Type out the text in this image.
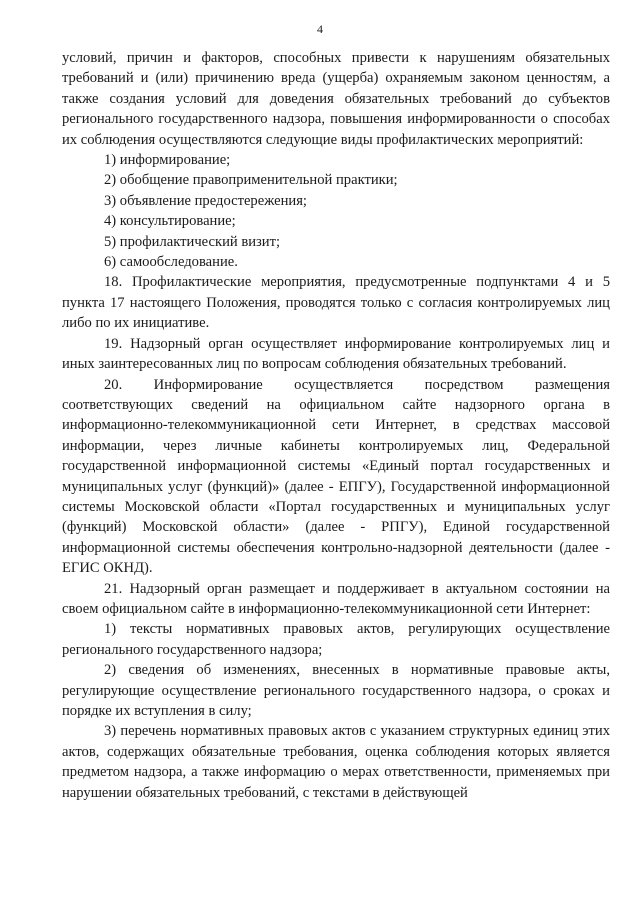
4

условий, причин и факторов, способных привести к нарушениям обязательных требований и (или) причинению вреда (ущерба) охраняемым законом ценностям, а также создания условий для доведения обязательных требований до субъектов регионального государственного надзора, повышения информированности о способах их соблюдения осуществляются следующие виды профилактических мероприятий:

1) информирование;

2) обобщение правоприменительной практики;

3) объявление предостережения;

4) консультирование;

5) профилактический визит;

6) самообследование.

18. Профилактические мероприятия, предусмотренные подпунктами 4 и 5 пункта 17 настоящего Положения, проводятся только с согласия контролируемых лиц либо по их инициативе.

19. Надзорный орган осуществляет информирование контролируемых лиц и иных заинтересованных лиц по вопросам соблюдения обязательных требований.

20. Информирование осуществляется посредством размещения соответствующих сведений на официальном сайте надзорного органа в информационно-телекоммуникационной сети Интернет, в средствах массовой информации, через личные кабинеты контролируемых лиц, Федеральной государственной информационной системы «Единый портал государственных и муниципальных услуг (функций)» (далее - ЕПГУ), Государственной информационной системы Московской области «Портал государственных и муниципальных услуг (функций) Московской области» (далее - РПГУ), Единой государственной информационной системы обеспечения контрольно-надзорной деятельности (далее - ЕГИС ОКНД).

21. Надзорный орган размещает и поддерживает в актуальном состоянии на своем официальном сайте в информационно-телекоммуникационной сети Интернет:

1) тексты нормативных правовых актов, регулирующих осуществление регионального государственного надзора;

2) сведения об изменениях, внесенных в нормативные правовые акты, регулирующие осуществление регионального государственного надзора, о сроках и порядке их вступления в силу;

3) перечень нормативных правовых актов с указанием структурных единиц этих актов, содержащих обязательные требования, оценка соблюдения которых является предметом надзора, а также информацию о мерах ответственности, применяемых при нарушении обязательных требований, с текстами в действующей
